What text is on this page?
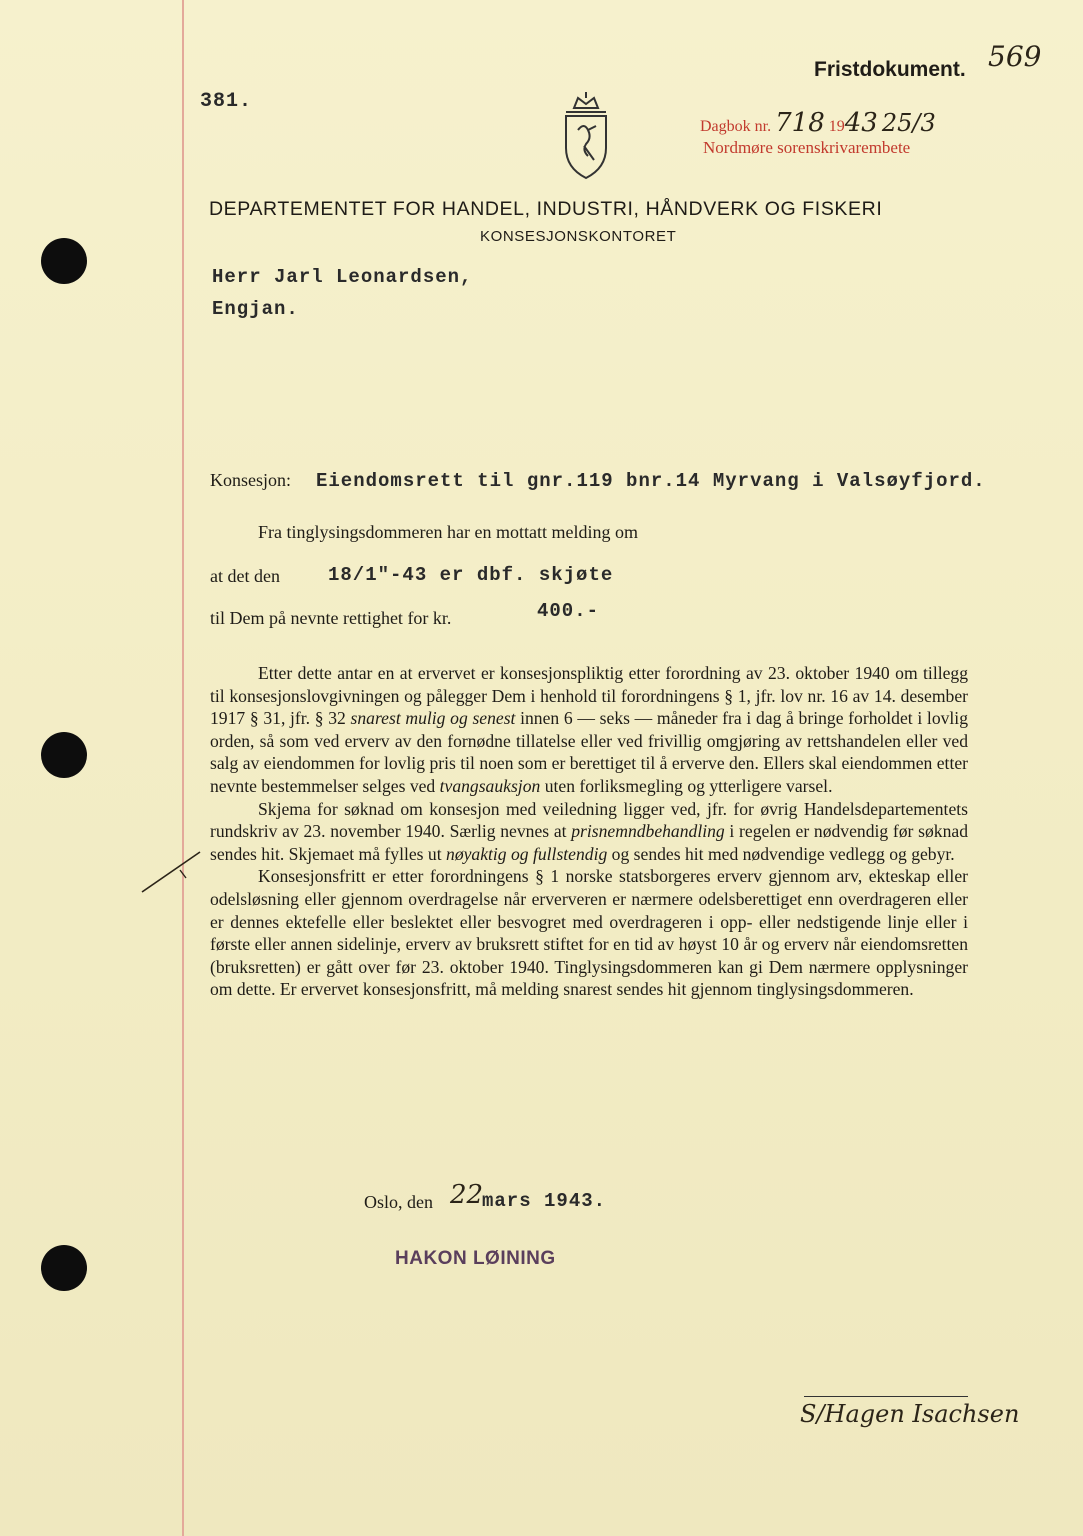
Fristdokument. 569
381.
Dagbok nr. 718 1943 25/3
Nordmøre sorenskrivarembete
DEPARTEMENTET FOR HANDEL, INDUSTRI, HÅNDVERK OG FISKERI
KONSESJONSKONTORET
Herr Jarl Leonardsen,
Engjan.
Konsesjon: Eiendomsrett til gnr.119 bnr.14 Myrvang i Valsøyfjord.
Fra tinglysingsdommeren har en mottatt melding om
at det den	18/1"-43 er dbf. skjøte
til Dem på nevnte rettighet for kr.	400.-

Etter dette antar en at ervervet er konsesjonspliktig etter forordning av 23. oktober 1940 om tillegg til konsesjonslovgivningen og pålegger Dem i henhold til forordningens § 1, jfr. lov nr. 16 av 14. desember 1917 § 31, jfr. § 32 snarest mulig og senest innen 6 — seks — måneder fra i dag å bringe forholdet i lovlig orden, så som ved erverv av den fornødne tillatelse eller ved frivillig omgjøring av rettshandelen eller ved salg av eiendommen for lovlig pris til noen som er berettiget til å erverve den. Ellers skal eiendommen etter nevnte bestemmelser selges ved tvangsauksjon uten forliksmegling og ytterligere varsel.

Skjema for søknad om konsesjon med veiledning ligger ved, jfr. for øvrig Handelsdepartementets rundskriv av 23. november 1940. Særlig nevnes at prisnemndbehandling i regelen er nødvendig før søknad sendes hit. Skjemaet må fylles ut nøyaktig og fullstendig og sendes hit med nødvendige vedlegg og gebyr.

Konsesjonsfritt er etter forordningens § 1 norske statsborgeres erverv gjennom arv, ekteskap eller odelsløsning eller gjennom overdragelse når erververen er nærmere odelsberettiget enn overdrageren eller er dennes ektefelle eller beslektet eller besvogret med overdrageren i opp- eller nedstigende linje eller i første eller annen sidelinje, erverv av bruksrett stiftet for en tid av høyst 10 år og erverv når eiendomsretten (bruksretten) er gått over før 23. oktober 1940. Tinglysingsdommeren kan gi Dem nærmere opplysninger om dette. Er ervervet konsesjonsfritt, må melding snarest sendes hit gjennom tinglysingsdommeren.

Oslo, den 22
mars 1943.
HAKON LØINING
S/Hagen Isachsen
